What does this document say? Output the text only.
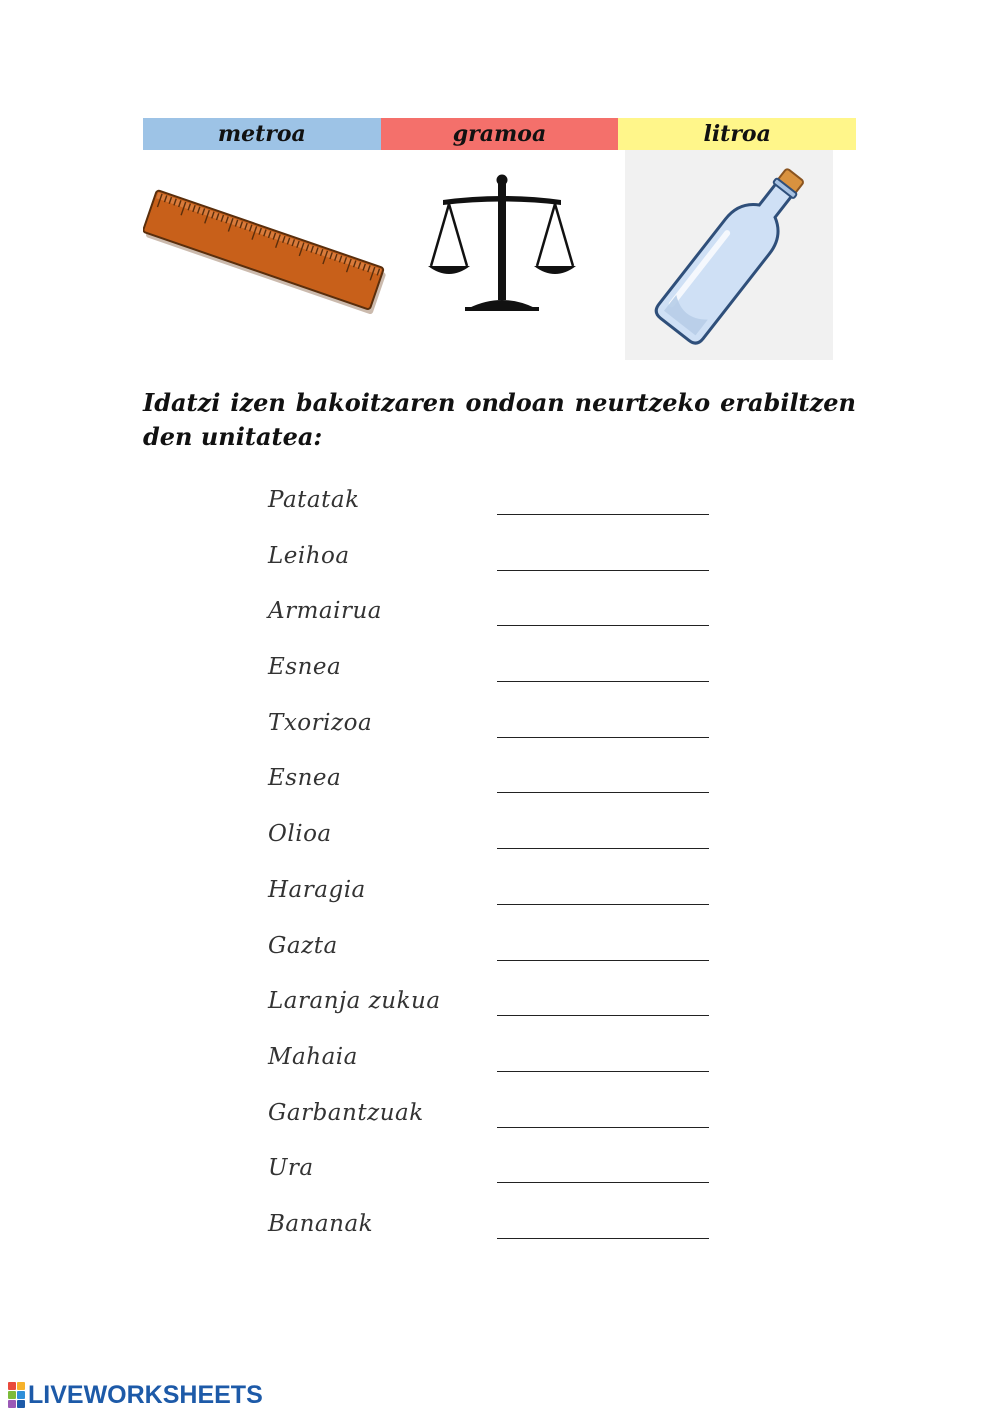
metroa	gramoa	litroa
Idatzi izen bakoitzaren ondoan neurtzeko erabiltzen den unitatea:
Patatak
Leihoa
Armairua
Esnea
Txorizoa
Esnea
Olioa
Haragia
Gazta
Laranja zukua
Mahaia
Garbantzuak
Ura
Bananak
LIVEWORKSHEETS
